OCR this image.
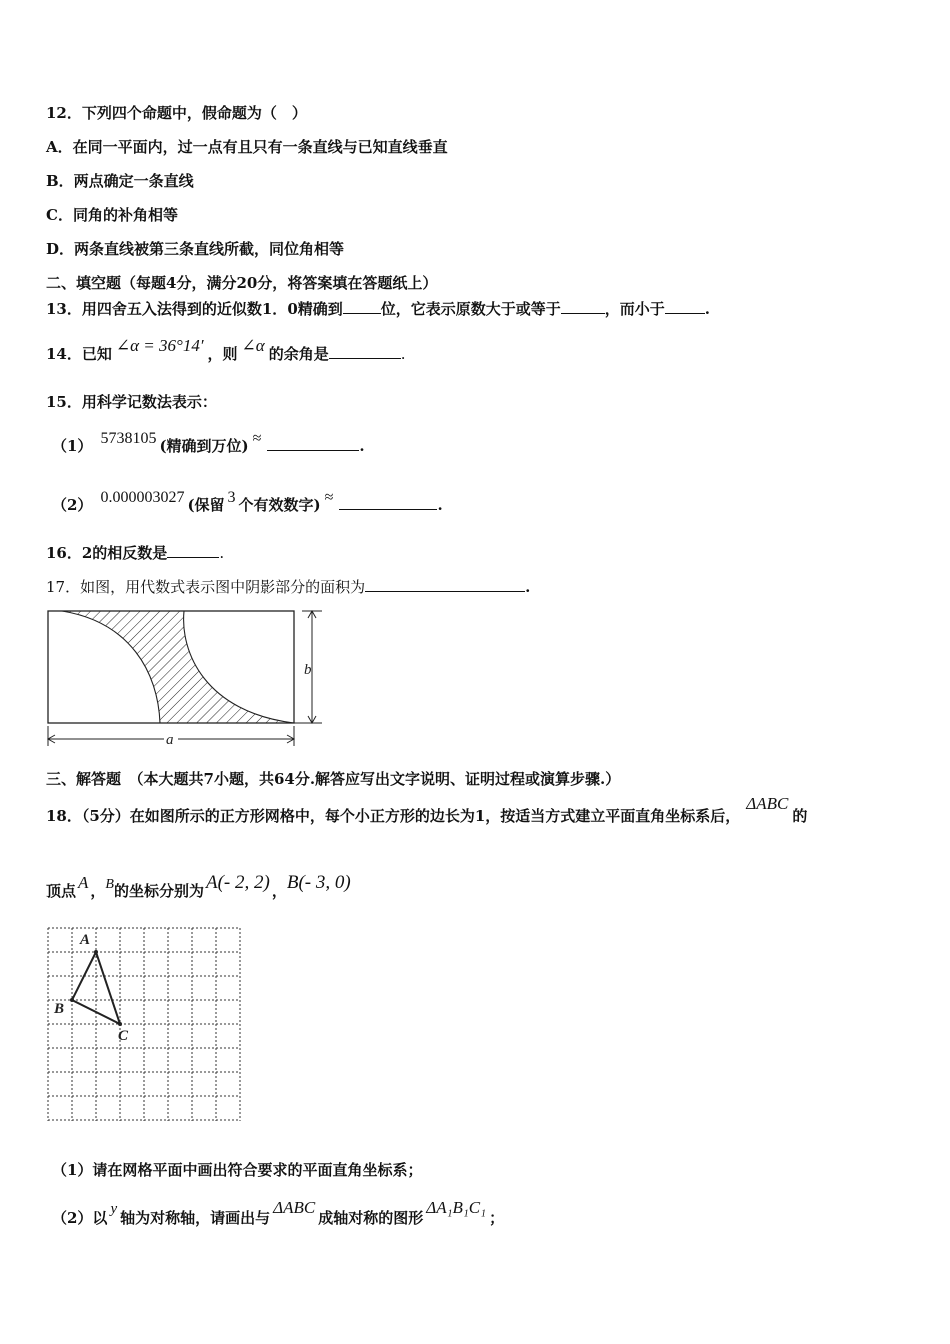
12．下列四个命题中，假命题为（　）
A．在同一平面内，过一点有且只有一条直线与已知直线垂直
B．两点确定一条直线
C．同角的补角相等
D．两条直线被第三条直线所截，同位角相等
二、填空题（每题4分，满分20分，将答案填在答题纸上）
13．用四舍五入法得到的近似数1．0精确到	位，它表示原数大于或等于	，而小于	.
14．已知 ∠α = 36°14′ ，则 ∠α 的余角是	.
15．用科学记数法表示：
（1） 5738105 (精确到万位) ≈	.
（2） 0.000003027 (保留 3 个有效数字) ≈	.
16．2的相反数是	.
17．如图，用代数式表示图中阴影部分的面积为	.
b
a
三、解答题　（本大题共7小题，共64分.解答应写出文字说明、证明过程或演算步骤.）
18．（5分）在如图所示的正方形网格中，每个小正方形的边长为1，按适当方式建立平面直角坐标系后，ΔABC的
顶点 A ，B的坐标分别为 A(- 2, 2) ，B(- 3, 0)
A
B
C
（1）请在网格平面中画出符合要求的平面直角坐标系；
（2）以 y 轴为对称轴，请画出与ΔABC成轴对称的图形ΔA₁B₁C₁；
